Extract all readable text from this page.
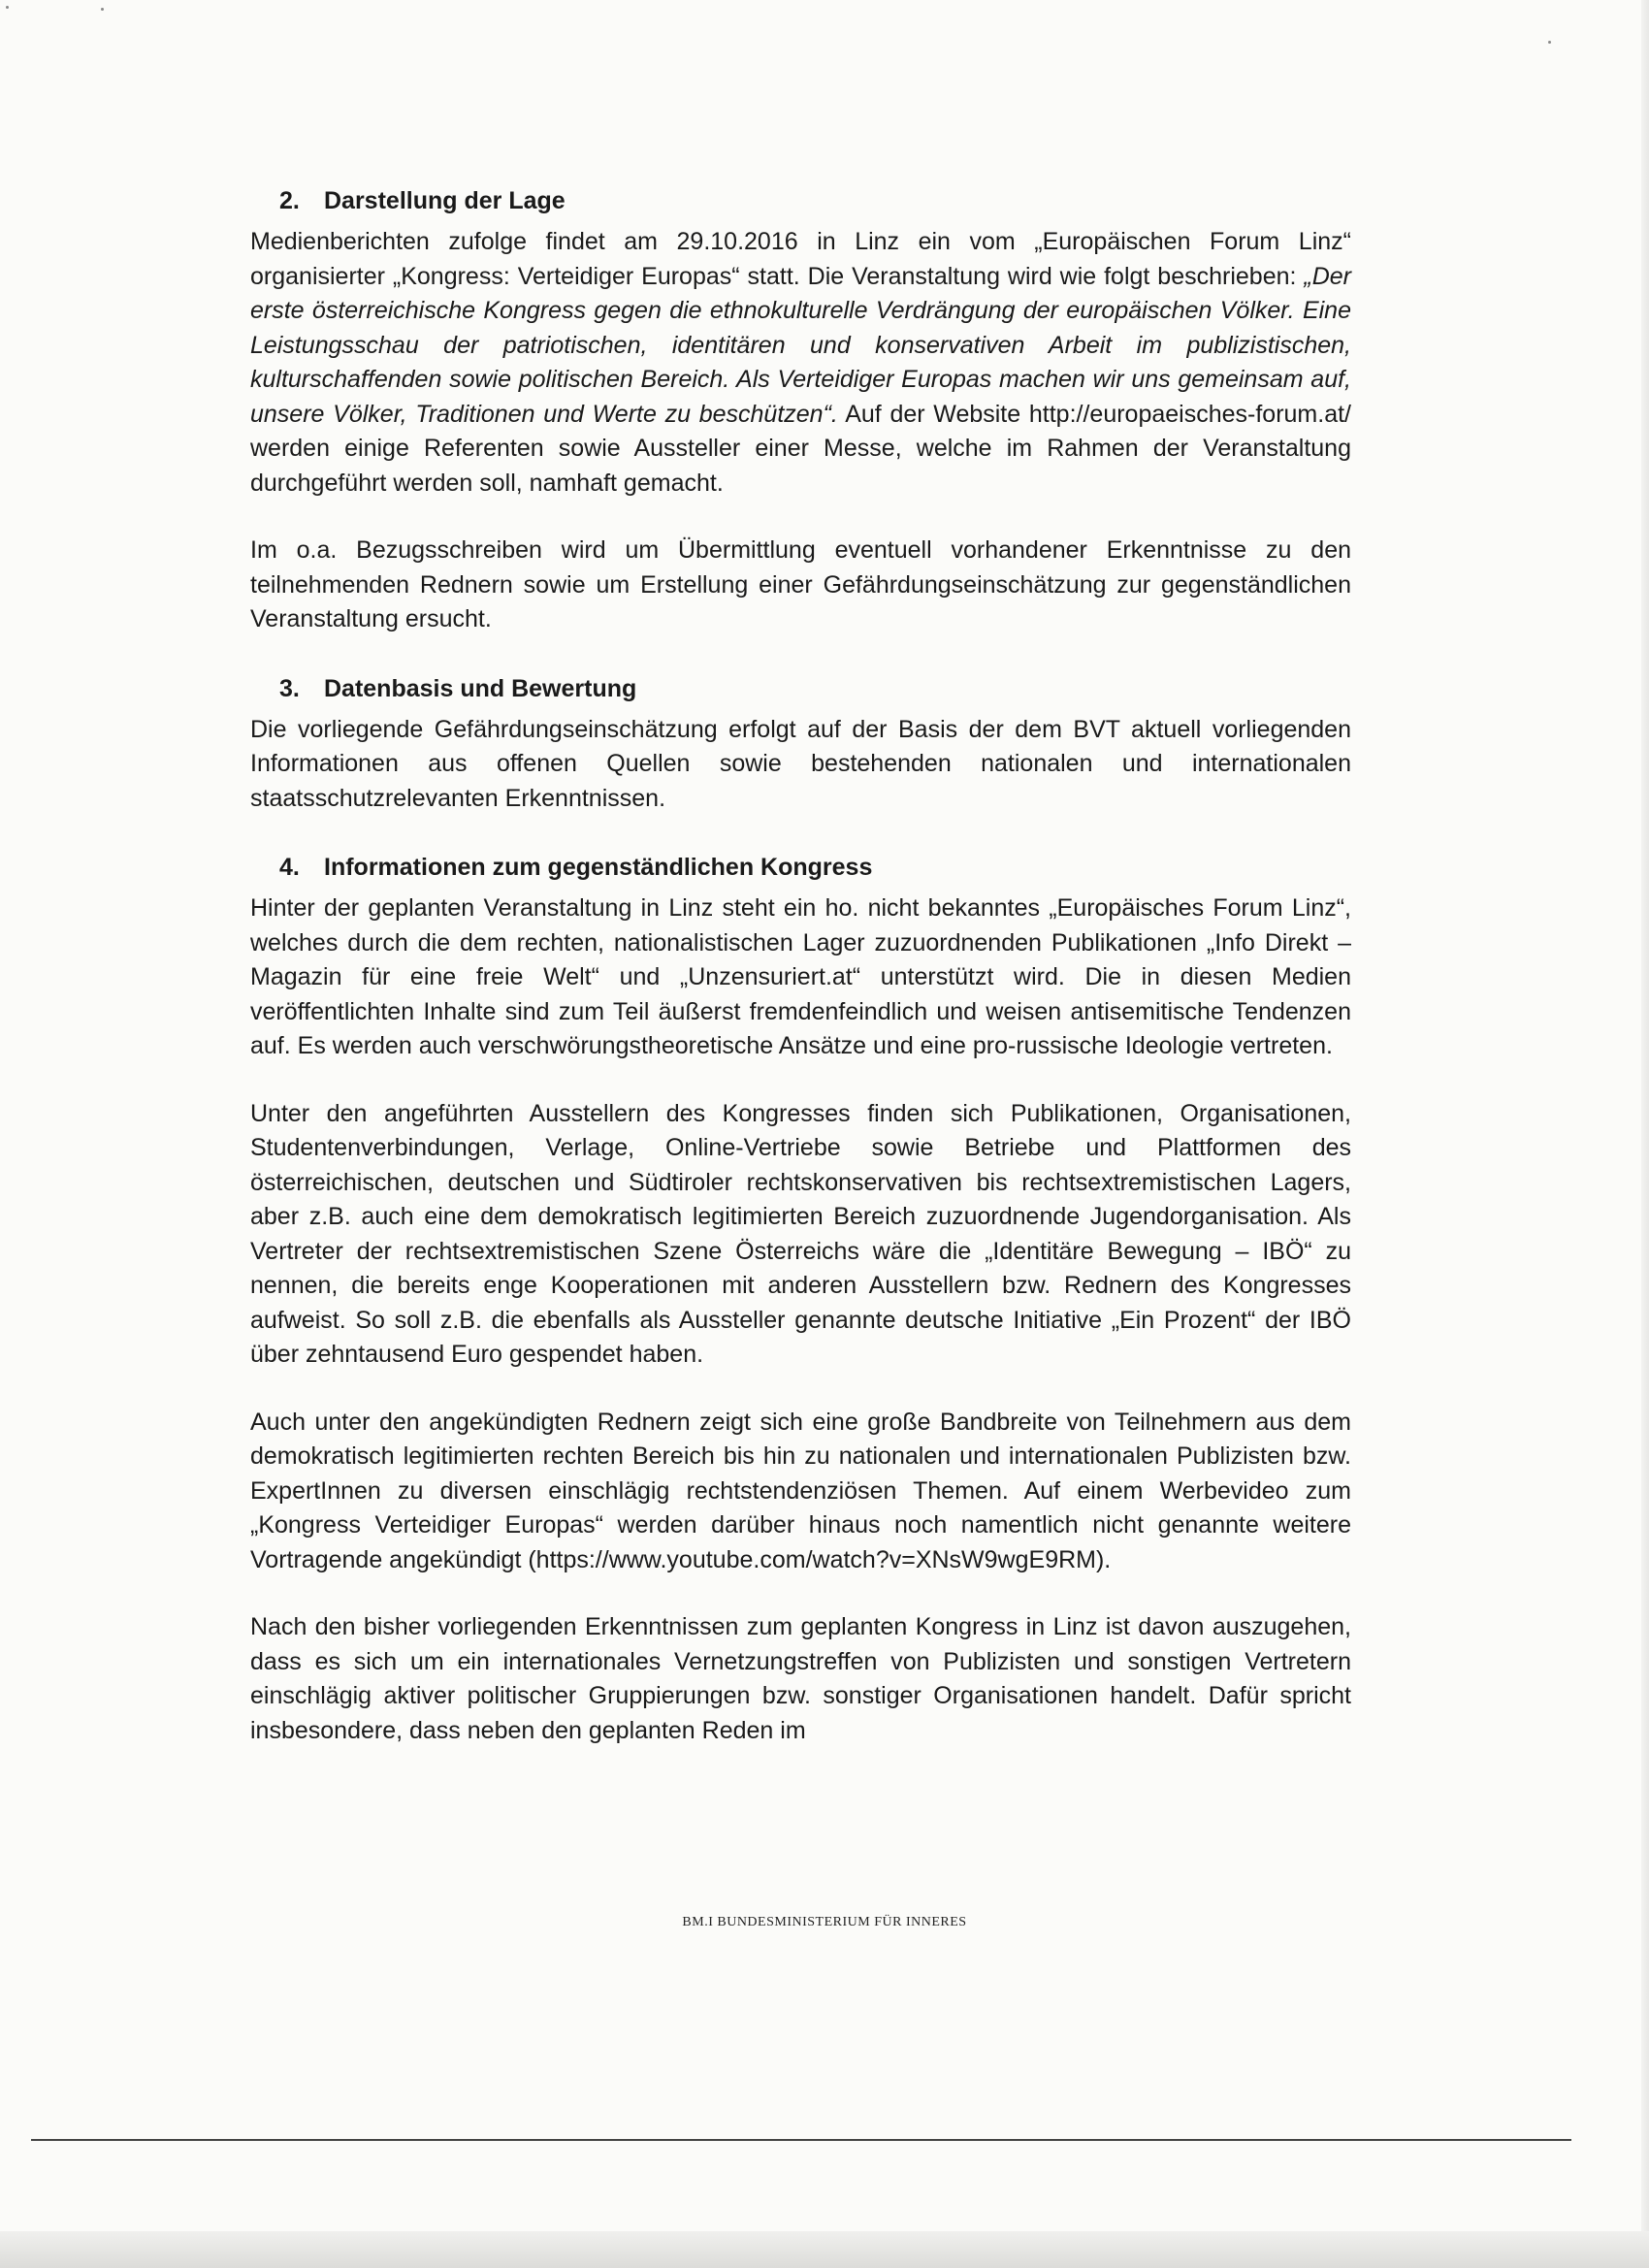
2.	Darstellung der Lage

Medienberichten zufolge findet am 29.10.2016 in Linz ein vom „Europäischen Forum Linz“ organisierter „Kongress: Verteidiger Europas“ statt. Die Veranstaltung wird wie folgt beschrieben: „Der erste österreichische Kongress gegen die ethnokulturelle Verdrängung der europäischen Völker. Eine Leistungsschau der patriotischen, identitären und konservativen Arbeit im publizistischen, kulturschaffenden sowie politischen Bereich. Als Verteidiger Europas machen wir uns gemeinsam auf, unsere Völker, Traditionen und Werte zu beschützen“. Auf der Website http://europaeisches-forum.at/ werden einige Referenten sowie Aussteller einer Messe, welche im Rahmen der Veranstaltung durchgeführt werden soll, namhaft gemacht.

Im o.a. Bezugsschreiben wird um Übermittlung eventuell vorhandener Erkenntnisse zu den teilnehmenden Rednern sowie um Erstellung einer Gefährdungseinschätzung zur gegenständlichen Veranstaltung ersucht.

3.	Datenbasis und Bewertung

Die vorliegende Gefährdungseinschätzung erfolgt auf der Basis der dem BVT aktuell vorliegenden Informationen aus offenen Quellen sowie bestehenden nationalen und internationalen staatsschutzrelevanten Erkenntnissen.

4.	Informationen zum gegenständlichen Kongress

Hinter der geplanten Veranstaltung in Linz steht ein ho. nicht bekanntes „Europäisches Forum Linz“, welches durch die dem rechten, nationalistischen Lager zuzuordnenden Publikationen „Info Direkt – Magazin für eine freie Welt“ und „Unzensuriert.at“ unterstützt wird. Die in diesen Medien veröffentlichten Inhalte sind zum Teil äußerst fremdenfeindlich und weisen antisemitische Tendenzen auf. Es werden auch verschwörungstheoretische Ansätze und eine pro-russische Ideologie vertreten.

Unter den angeführten Ausstellern des Kongresses finden sich Publikationen, Organisationen, Studentenverbindungen, Verlage, Online-Vertriebe sowie Betriebe und Plattformen des österreichischen, deutschen und Südtiroler rechtskonservativen bis rechtsextremistischen Lagers, aber z.B. auch eine dem demokratisch legitimierten Bereich zuzuordnende Jugendorganisation. Als Vertreter der rechtsextremistischen Szene Österreichs wäre die „Identitäre Bewegung – IBÖ“ zu nennen, die bereits enge Kooperationen mit anderen Ausstellern bzw. Rednern des Kongresses aufweist. So soll z.B. die ebenfalls als Aussteller genannte deutsche Initiative „Ein Prozent“ der IBÖ über zehntausend Euro gespendet haben.

Auch unter den angekündigten Rednern zeigt sich eine große Bandbreite von Teilnehmern aus dem demokratisch legitimierten rechten Bereich bis hin zu nationalen und internationalen Publizisten bzw. ExpertInnen zu diversen einschlägig rechtstendenziösen Themen. Auf einem Werbevideo zum „Kongress Verteidiger Europas“ werden darüber hinaus noch namentlich nicht genannte weitere Vortragende angekündigt (https://www.youtube.com/watch?v=XNsW9wgE9RM).

Nach den bisher vorliegenden Erkenntnissen zum geplanten Kongress in Linz ist davon auszugehen, dass es sich um ein internationales Vernetzungstreffen von Publizisten und sonstigen Vertretern einschlägig aktiver politischer Gruppierungen bzw. sonstiger Organisationen handelt. Dafür spricht insbesondere, dass neben den geplanten Reden im

BM.I BUNDESMINISTERIUM FÜR INNERES
